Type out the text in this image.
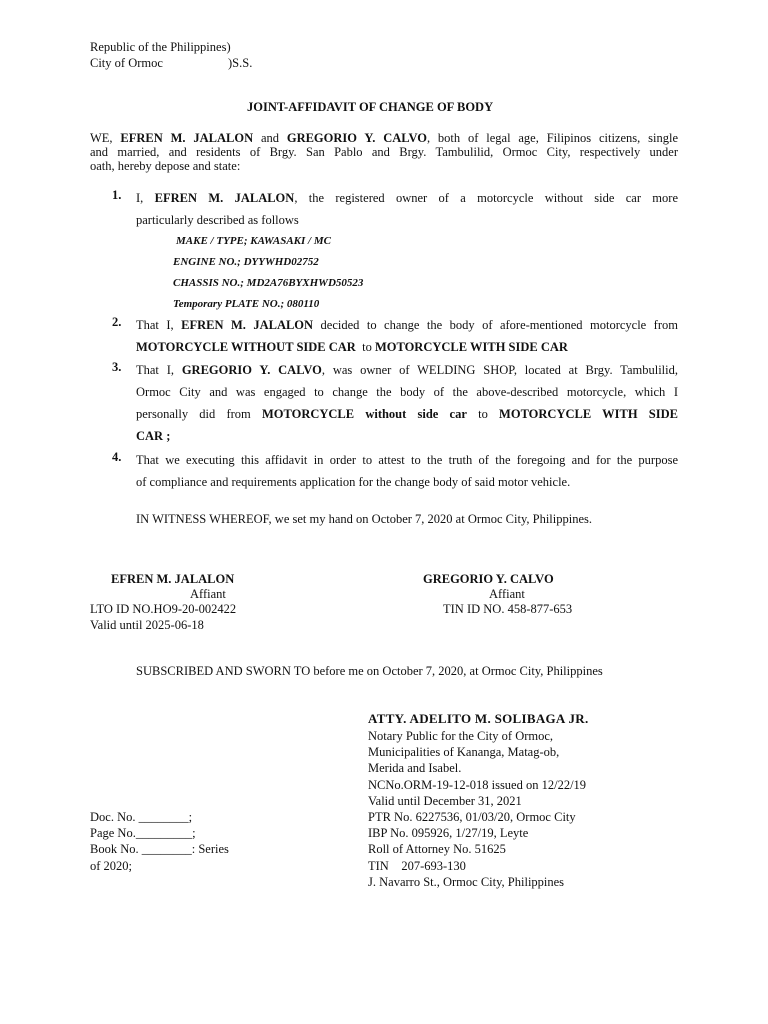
Republic of the Philippines)
City of Ormoc	)S.S.
JOINT-AFFIDAVIT OF CHANGE OF BODY
WE, EFREN M. JALALON and GREGORIO Y. CALVO, both of legal age, Filipinos citizens, single
and married, and residents of Brgy. San Pablo and Brgy. Tambulilid, Ormoc City, respectively under
oath, hereby depose and state:
1. I, EFREN M. JALALON, the registered owner of a motorcycle without side car more
particularly described as follows
MAKE / TYPE; KAWASAKI / MC
ENGINE NO.; DYYWHD02752
CHASSIS NO.; MD2A76BYXHWD50523
Temporary PLATE NO.; 080110
2. That I, EFREN M. JALALON decided to change the body of afore-mentioned motorcycle from
MOTORCYCLE WITHOUT SIDE CAR  to MOTORCYCLE WITH SIDE CAR
3. That I, GREGORIO Y. CALVO, was owner of WELDING SHOP, located at Brgy. Tambulilid,
Ormoc City and was engaged to change the body of the above-described motorcycle, which I
personally did from MOTORCYCLE without side car to MOTORCYCLE WITH SIDE
CAR ;
4. That we executing this affidavit in order to attest to the truth of the foregoing and for the purpose
of compliance and requirements application for the change body of said motor vehicle.
IN WITNESS WHEREOF, we set my hand on October 7, 2020 at Ormoc City, Philippines.
EFREN M. JALALON
Affiant
LTO ID NO.HO9-20-002422
Valid until 2025-06-18
GREGORIO Y. CALVO
Affiant
TIN ID NO. 458-877-653
SUBSCRIBED AND SWORN TO before me on October 7, 2020, at Ormoc City, Philippines
ATTY. ADELITO M. SOLIBAGA JR.
Notary Public for the City of Ormoc,
Municipalities of Kananga, Matag-ob,
Merida and Isabel.
NCNo.ORM-19-12-018 issued on 12/22/19
Valid until December 31, 2021
PTR No. 6227536, 01/03/20, Ormoc City
IBP No. 095926, 1/27/19, Leyte
Roll of Attorney No. 51625
TIN    207-693-130
J. Navarro St., Ormoc City, Philippines
Doc. No. ________;
Page No._________;
Book No. ________: Series
of 2020;
